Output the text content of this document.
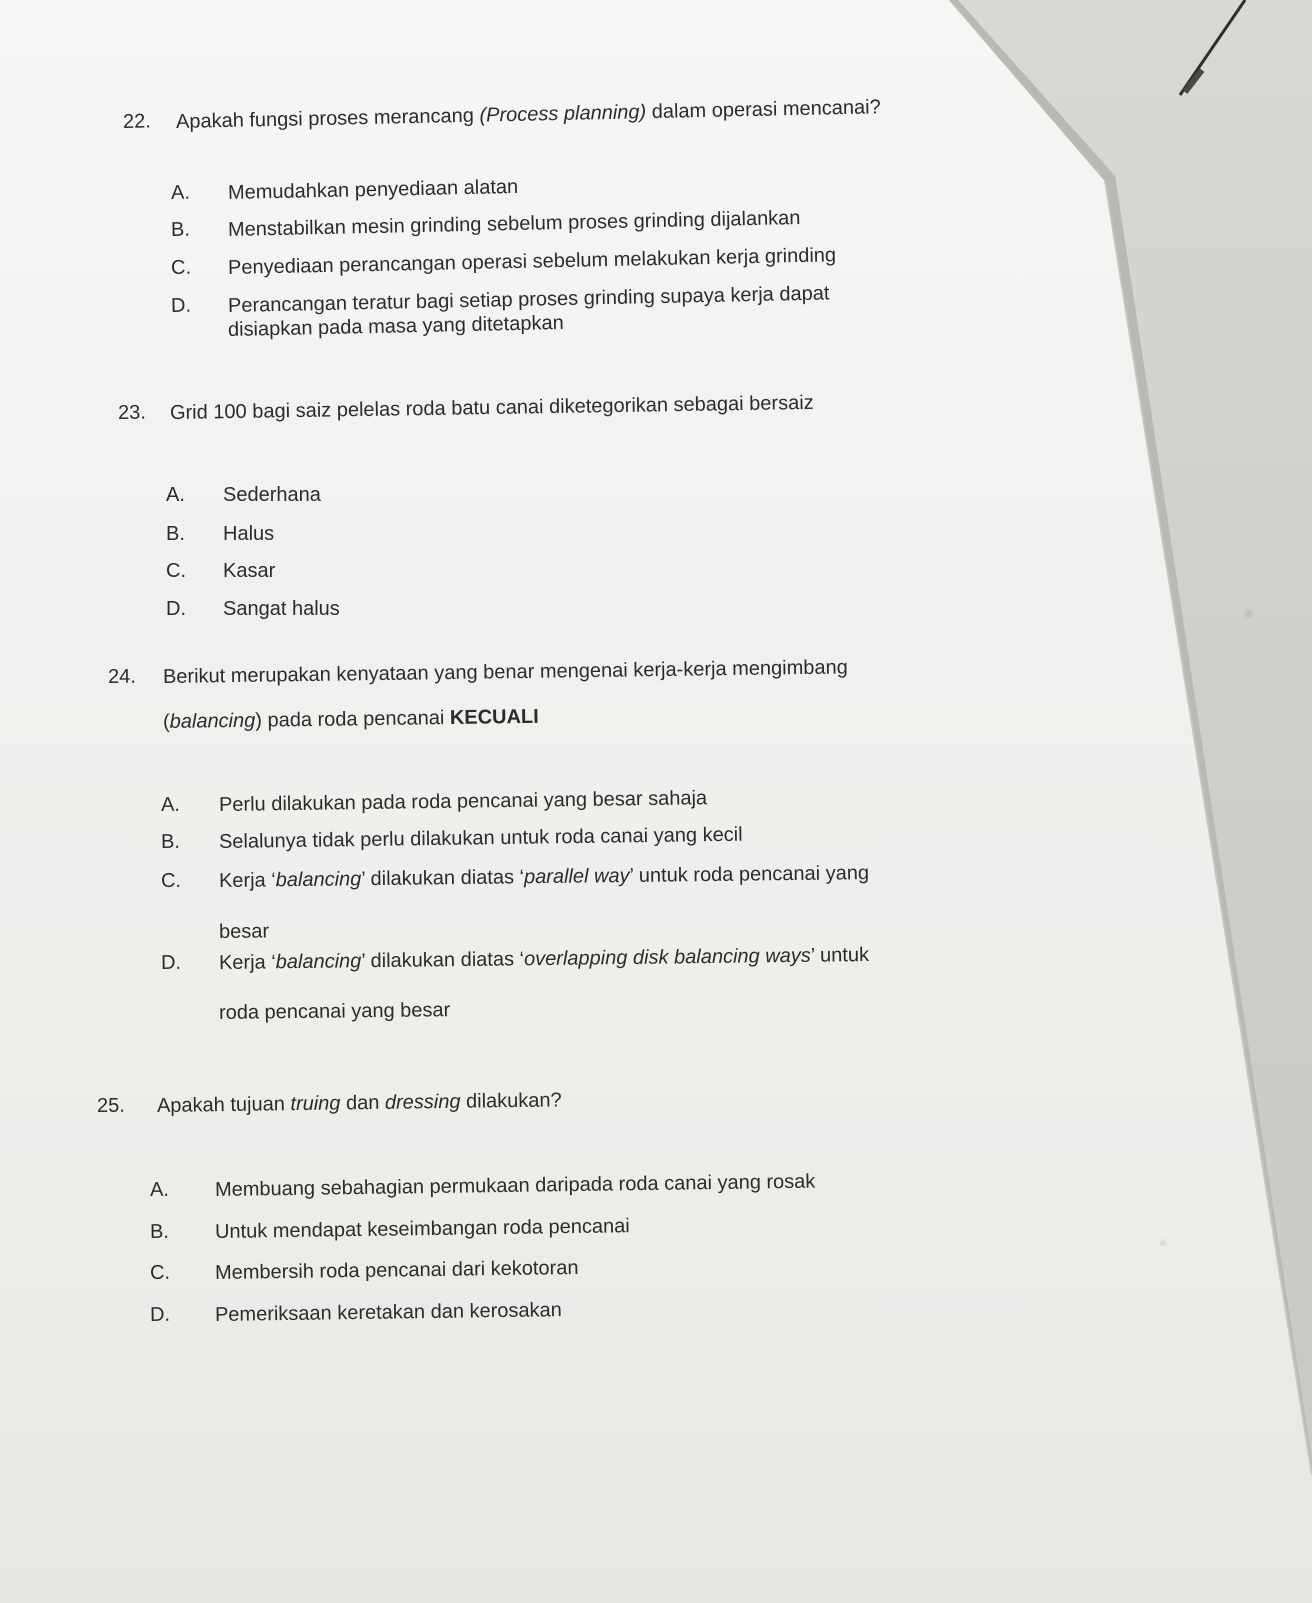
22. Apakah fungsi proses merancang (Process planning) dalam operasi mencanai?
A. Memudahkan penyediaan alatan
B. Menstabilkan mesin grinding sebelum proses grinding dijalankan
C. Penyediaan perancangan operasi sebelum melakukan kerja grinding
D. Perancangan teratur bagi setiap proses grinding supaya kerja dapat
disiapkan pada masa yang ditetapkan
23. Grid 100 bagi saiz pelelas roda batu canai diketegorikan sebagai bersaiz
A. Sederhana
B. Halus
C. Kasar
D. Sangat halus
24. Berikut merupakan kenyataan yang benar mengenai kerja-kerja mengimbang
(balancing) pada roda pencanai KECUALI
A. Perlu dilakukan pada roda pencanai yang besar sahaja
B. Selalunya tidak perlu dilakukan untuk roda canai yang kecil
C. Kerja ‘balancing’ dilakukan diatas ‘parallel way’ untuk roda pencanai yang
besar
D. Kerja ‘balancing’ dilakukan diatas ‘overlapping disk balancing ways’ untuk
roda pencanai yang besar
25. Apakah tujuan truing dan dressing dilakukan?
A. Membuang sebahagian permukaan daripada roda canai yang rosak
B. Untuk mendapat keseimbangan roda pencanai
C. Membersih roda pencanai dari kekotoran
D. Pemeriksaan keretakan dan kerosakan
